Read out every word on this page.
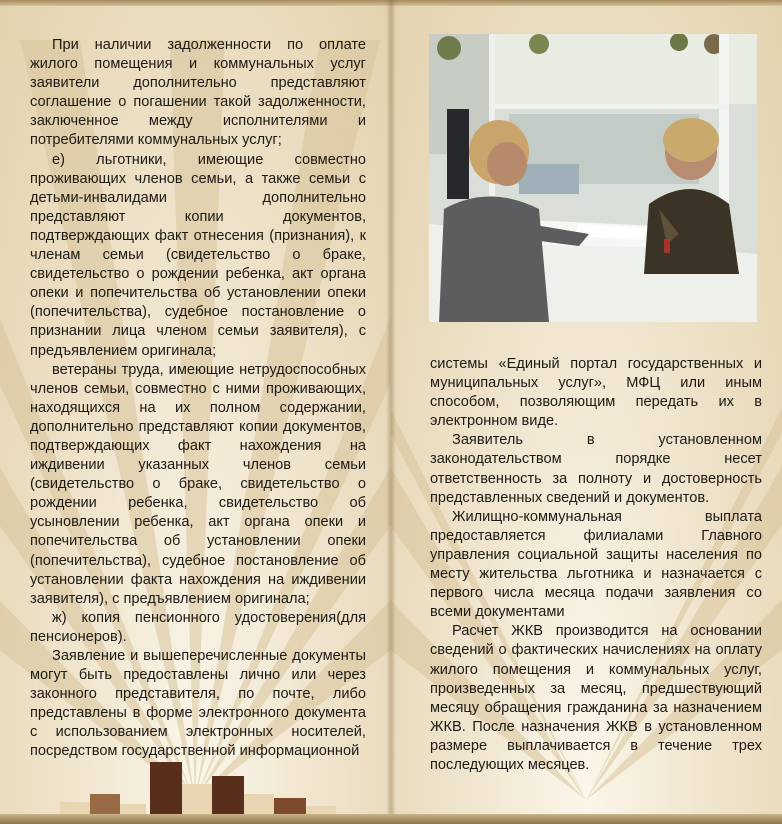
При наличии задолженности по оплате жилого помещения и коммунальных услуг заявители дополнительно представляют соглашение о погашении такой задолженности, заключенное между исполнителями и потребителями коммунальных услуг;

е) льготники, имеющие совместно проживающих членов семьи, а также семьи с детьми-инвалидами дополнительно представляют копии документов, подтверждающих факт отнесения (признания), к членам семьи (свидетельство о браке, свидетельство о рождении ребенка, акт органа опеки и попечительства об установлении опеки (попечительства), судебное постановление о признании лица членом семьи заявителя), с предъявлением оригинала;

ветераны труда, имеющие нетрудоспособных членов семьи, совместно с ними проживающих, находящихся на их полном содержании, дополнительно представляют копии документов, подтверждающих факт нахождения на иждивении указанных членов семьи (свидетельство о браке, свидетельство о рождении ребенка, свидетельство об усыновлении ребенка, акт органа опеки и попечительства об установлении опеки (попечительства), судебное постановление об установлении факта нахождения на иждивении заявителя), с предъявлением оригинала;

ж) копия пенсионного удостоверения(для пенсионеров).

Заявление и вышеперечисленные документы могут быть предоставлены лично или через законного представителя, по почте, либо представлены в форме электронного документа с использованием электронных носителей, посредством государственной информационной

системы «Единый портал государственных и муниципальных услуг», МФЦ или иным способом, позволяющим передать их в электронном виде.

Заявитель в установленном законодательством порядке несет ответственность за полноту и достоверность представленных сведений и документов.

Жилищно-коммунальная выплата предоставляется филиалами Главного управления социальной защиты населения по месту жительства льготника и назначается с первого числа месяца подачи заявления со всеми документами

Расчет ЖКВ производится на основании сведений о фактических начислениях на оплату жилого помещения и коммунальных услуг, произведенных за месяц, предшествующий месяцу обращения гражданина за назначением ЖКВ. После назначения ЖКВ в установленном размере выплачивается в течение трех последующих месяцев.
